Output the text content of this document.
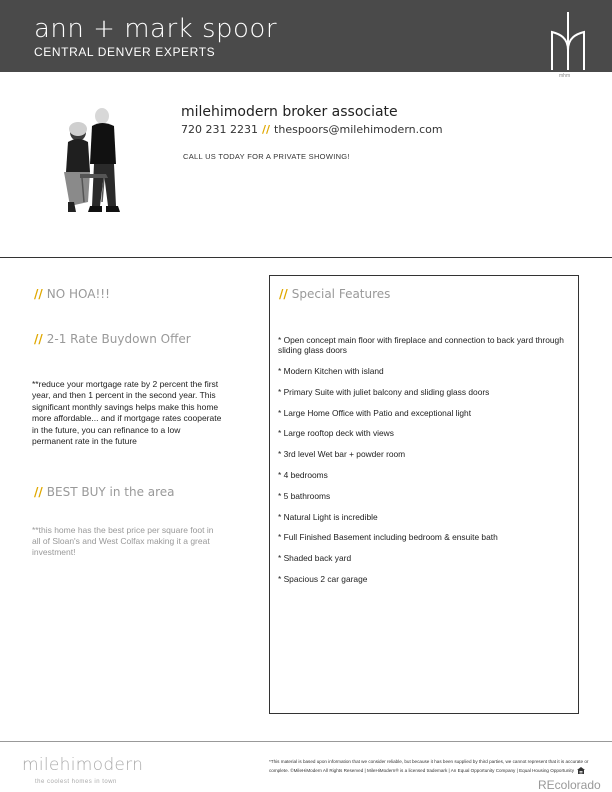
ann + mark spoor
CENTRAL DENVER EXPERTS
mhm
milehimodern broker associate
720 231 2231 // thespoors@milehimodern.com
CALL US TODAY FOR A PRIVATE SHOWING!
// NO HOA!!!
// 2-1 Rate Buydown Offer
**reduce your mortgage rate by 2 percent the first year, and then 1 percent in the second year. This significant monthly savings helps make this home more affordable... and if mortgage rates cooperate in the future, you can refinance to a low permanent rate in the future
// BEST BUY in the area
**this home has the best price per square foot in all of Sloan's and West Colfax making it a great investment!
// Special Features
* Open concept main floor with fireplace and connection to back yard through sliding glass doors
* Modern Kitchen with island
* Primary Suite with juliet balcony and sliding glass doors
* Large Home Office with Patio and exceptional light
* Large rooftop deck with views
* 3rd level Wet bar + powder room
* 4 bedrooms
* 5 bathrooms
* Natural Light is incredible
* Full Finished Basement including bedroom & ensuite bath
* Shaded back yard
* Spacious 2 car garage
milehimodern
the coolest homes in town
*This material is based upon information that we consider reliable, but because it has been supplied by third parties, we cannot represent that it is accurate or complete. ©MileHiModern All Rights Reserved | MileHiModern® is a licensed trademark | An Equal Opportunity Company | Equal Housing Opportunity
REcolorado
